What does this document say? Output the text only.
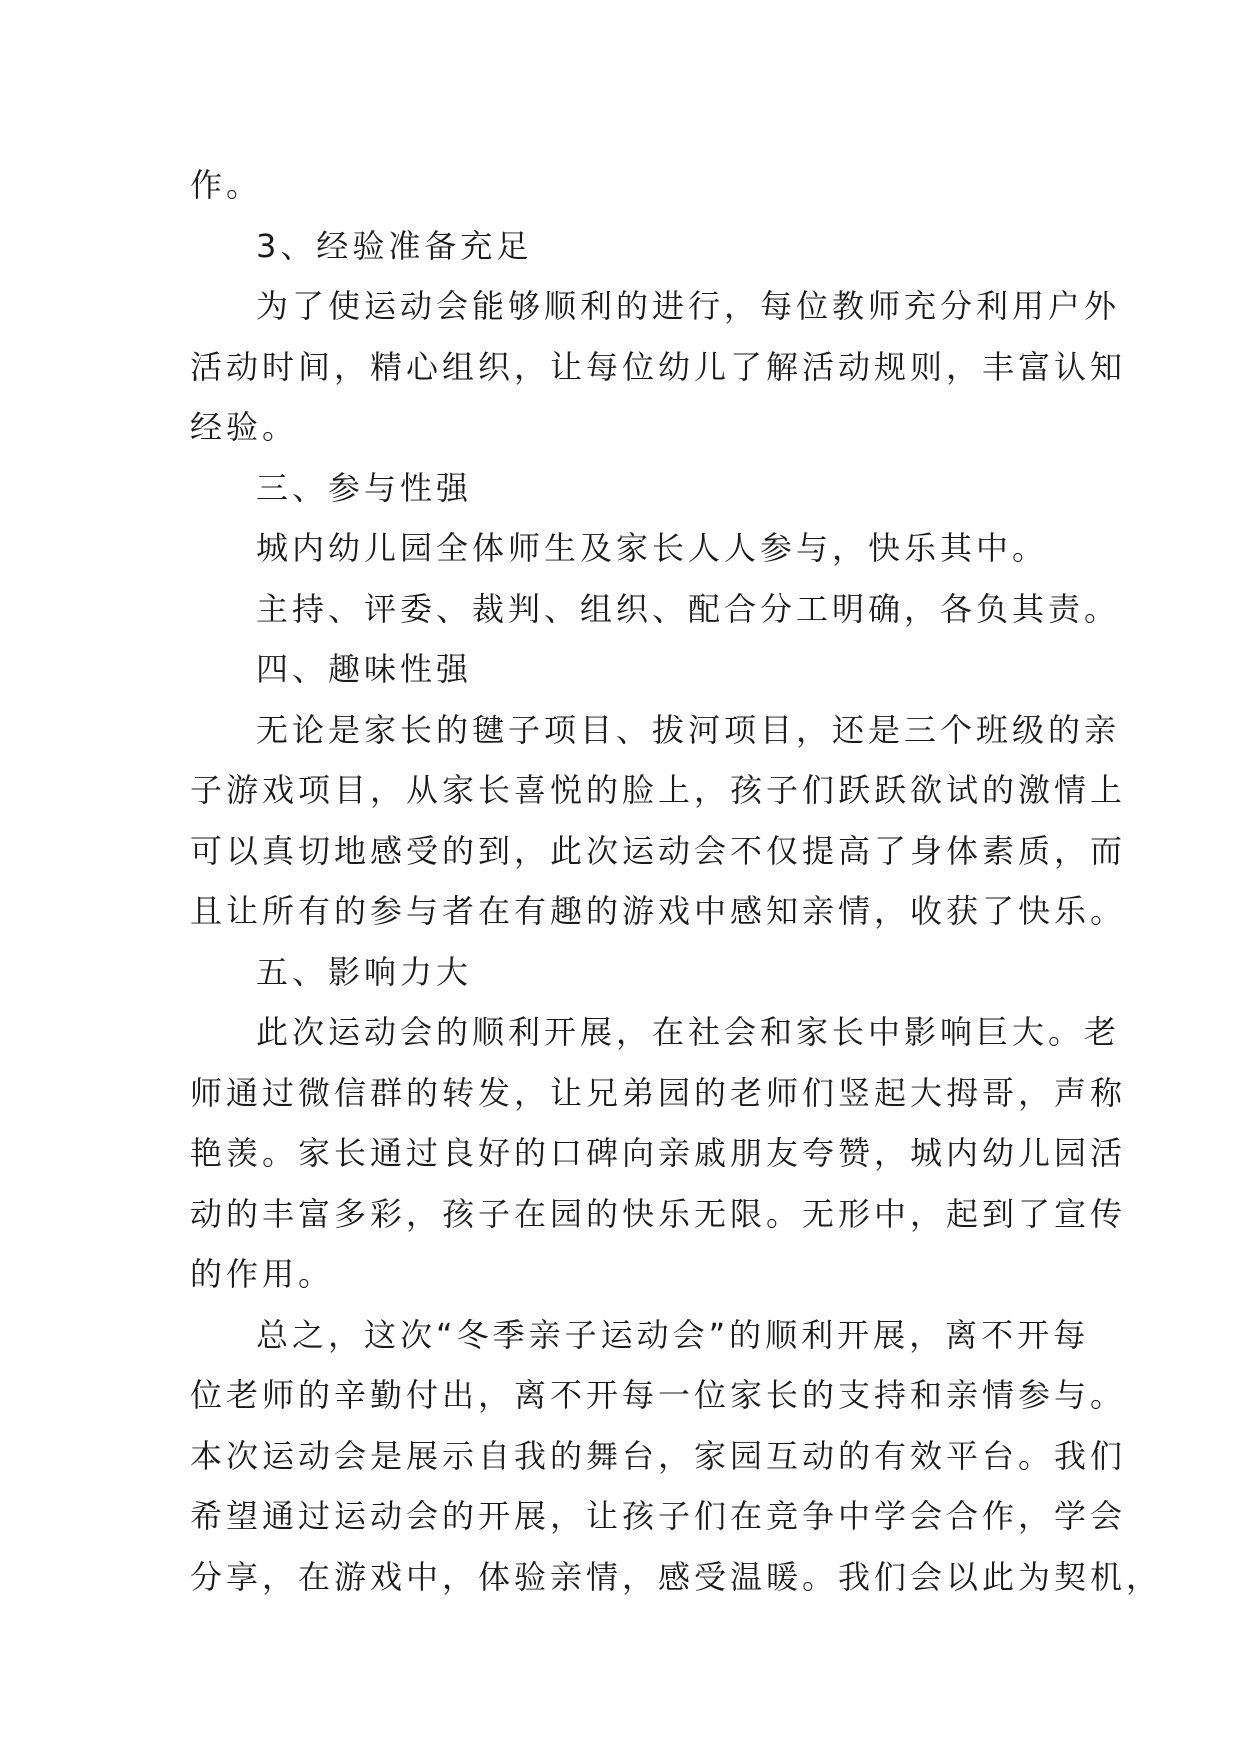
作。
3、经验准备充足
为了使运动会能够顺利的进行，每位教师充分利用户外
活动时间，精心组织，让每位幼儿了解活动规则，丰富认知
经验。
三、参与性强
城内幼儿园全体师生及家长人人参与，快乐其中。
主持、评委、裁判、组织、配合分工明确，各负其责。
四、趣味性强
无论是家长的毽子项目、拔河项目，还是三个班级的亲
子游戏项目，从家长喜悦的脸上，孩子们跃跃欲试的激情上
可以真切地感受的到，此次运动会不仅提高了身体素质，而
且让所有的参与者在有趣的游戏中感知亲情，收获了快乐。
五、影响力大
此次运动会的顺利开展，在社会和家长中影响巨大。老
师通过微信群的转发，让兄弟园的老师们竖起大拇哥，声称
艳羡。家长通过良好的口碑向亲戚朋友夸赞，城内幼儿园活
动的丰富多彩，孩子在园的快乐无限。无形中，起到了宣传
的作用。
总之，这次“冬季亲子运动会”的顺利开展，离不开每
位老师的辛勤付出，离不开每一位家长的支持和亲情参与。
本次运动会是展示自我的舞台，家园互动的有效平台。我们
希望通过运动会的开展，让孩子们在竞争中学会合作，学会
分享，在游戏中，体验亲情，感受温暖。我们会以此为契机，
